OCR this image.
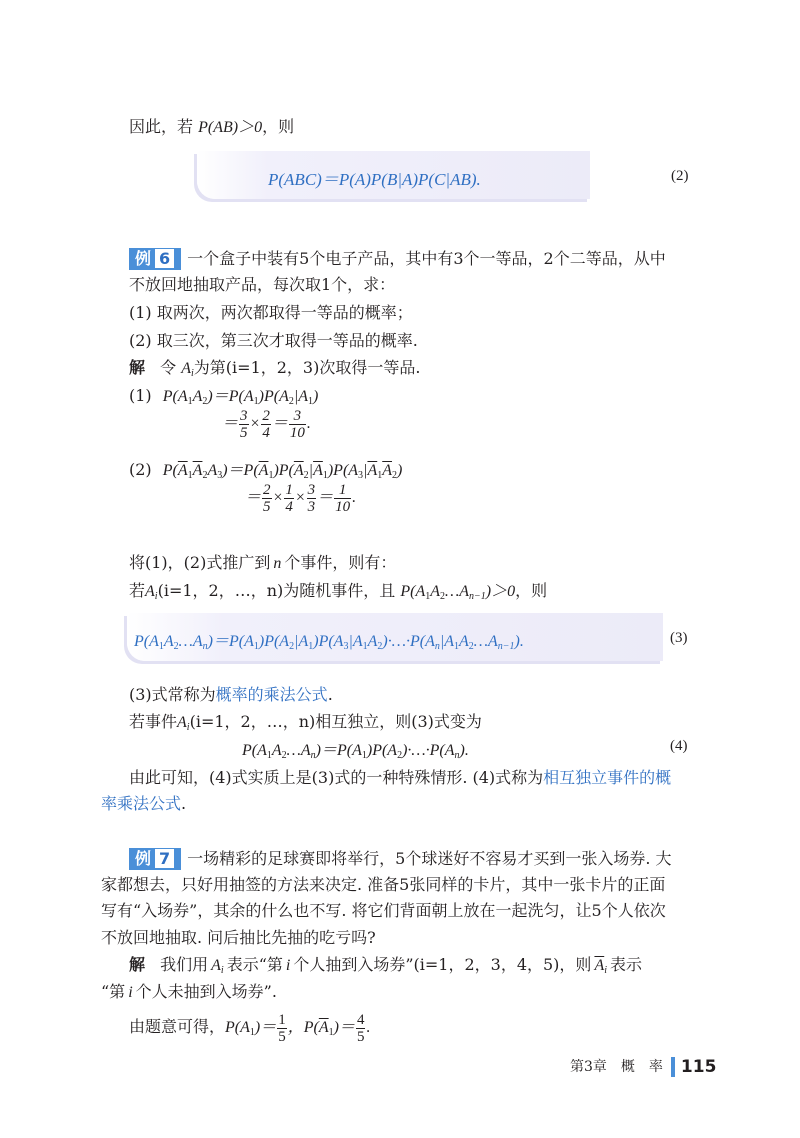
因此，若 P(AB)＞0，则
P(ABC)＝P(A)P(B|A)P(C|AB).	(2)
例 6 一个盒子中装有5个电子产品，其中有3个一等品，2个二等品，从中
不放回地抽取产品，每次取1个，求：
(1) 取两次，两次都取得一等品的概率；
(2) 取三次，第三次才取得一等品的概率.
解 令 $A_i$为第(i=1，2，3)次取得一等品.
(1) $P(A_1A_2)=P(A_1)P(A_2|A_1)$
＝ $\frac{3}{5} \times \frac{2}{4} = \frac{3}{10}$ .
(2) $P(\overline{A}_1\overline{A}_2A_3)=P(\overline{A}_1)P(\overline{A}_2|\overline{A}_1)P(A_3|\overline{A}_1\overline{A}_2)$
＝ $\frac{2}{5} \times \frac{1}{4} \times \frac{3}{3} = \frac{1}{10}$ .
将(1)，(2)式推广到 n 个事件，则有：
若$A_i(i=1$，2，…，n)为随机事件，且 $P(A_1A_2\dots A_{n-1})>0$，则
$P(A_1A_2\dots A_n)=P(A_1)P(A_2|A_1)P(A_3|A_1A_2)\cdot\dots\cdot P(A_n|A_1A_2\dots A_{n-1})$.	(3)
(3)式常称为概率的乘法公式.
若事件$A_i(i=1$，2，…，n)相互独立，则(3)式变为
$P(A_1A_2\dots A_n)=P(A_1)P(A_2)\cdot\dots\cdot P(A_n)$.	(4)
由此可知，(4)式实质上是(3)式的一种特殊情形. (4)式称为相互独立事件的概
率乘法公式.
例 7 一场精彩的足球赛即将举行，5个球迷好不容易才买到一张入场券. 大
家都想去，只好用抽签的方法来决定. 准备5张同样的卡片，其中一张卡片的正面
写有“入场券”，其余的什么也不写. 将它们背面朝上放在一起洗匀，让5个人依次
不放回地抽取. 问后抽比先抽的吃亏吗?
解 我们用 $A_i$ 表示“第 i 个人抽到入场券”(i=1，2，3，4，5)，则 $\overline{A}_i$ 表示
“第 i 个人未抽到入场券”.
由题意可得，$P(A_1)= \frac{1}{5}$ ，$P(\overline{A}_1)= \frac{4}{5}$ .
第3章　概　率 115
